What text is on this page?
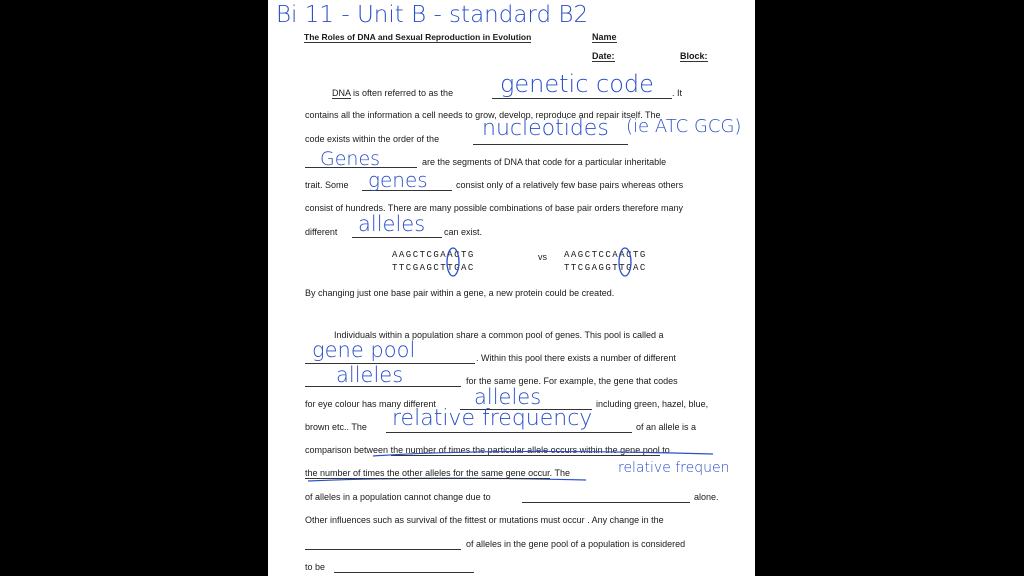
Bi 11 - Unit B - standard B2
The Roles of DNA and Sexual Reproduction in Evolution	Name
Date:	Block:
DNA is often referred to as the genetic code . It
contains all the information a cell needs to grow, develop, reproduce and repair itself. The
code exists within the order of the nucleotides (ie ATC GCG)
Genes	are the segments of DNA that code for a particular inheritable
trait. Some genes	consist only of a relatively few base pairs whereas others
consist of hundreds. There are many possible combinations of base pair orders therefore many
different alleles can exist.
AAGCTCGAACTG
TTCGAGCTTGAC
vs AAGCTCCAACTG
TTCGAGGTTGAC
By changing just one base pair within a gene, a new protein could be created.
Individuals within a population share a common pool of genes. This pool is called a
gene pool	. Within this pool there exists a number of different
alleles	for the same gene. For example, the gene that codes
for eye colour has many different alleles	including green, hazel, blue,
brown etc.. The relative frequency	of an allele is a
comparison between the number of times the particular allele occurs within the gene pool to
the number of times the other alleles for the same gene occur. The	relative frequen
of alleles in a population cannot change due to	alone.
Other influences such as survival of the fittest or mutations must occur . Any change in the
of alleles in the gene pool of a population is considered
to be
